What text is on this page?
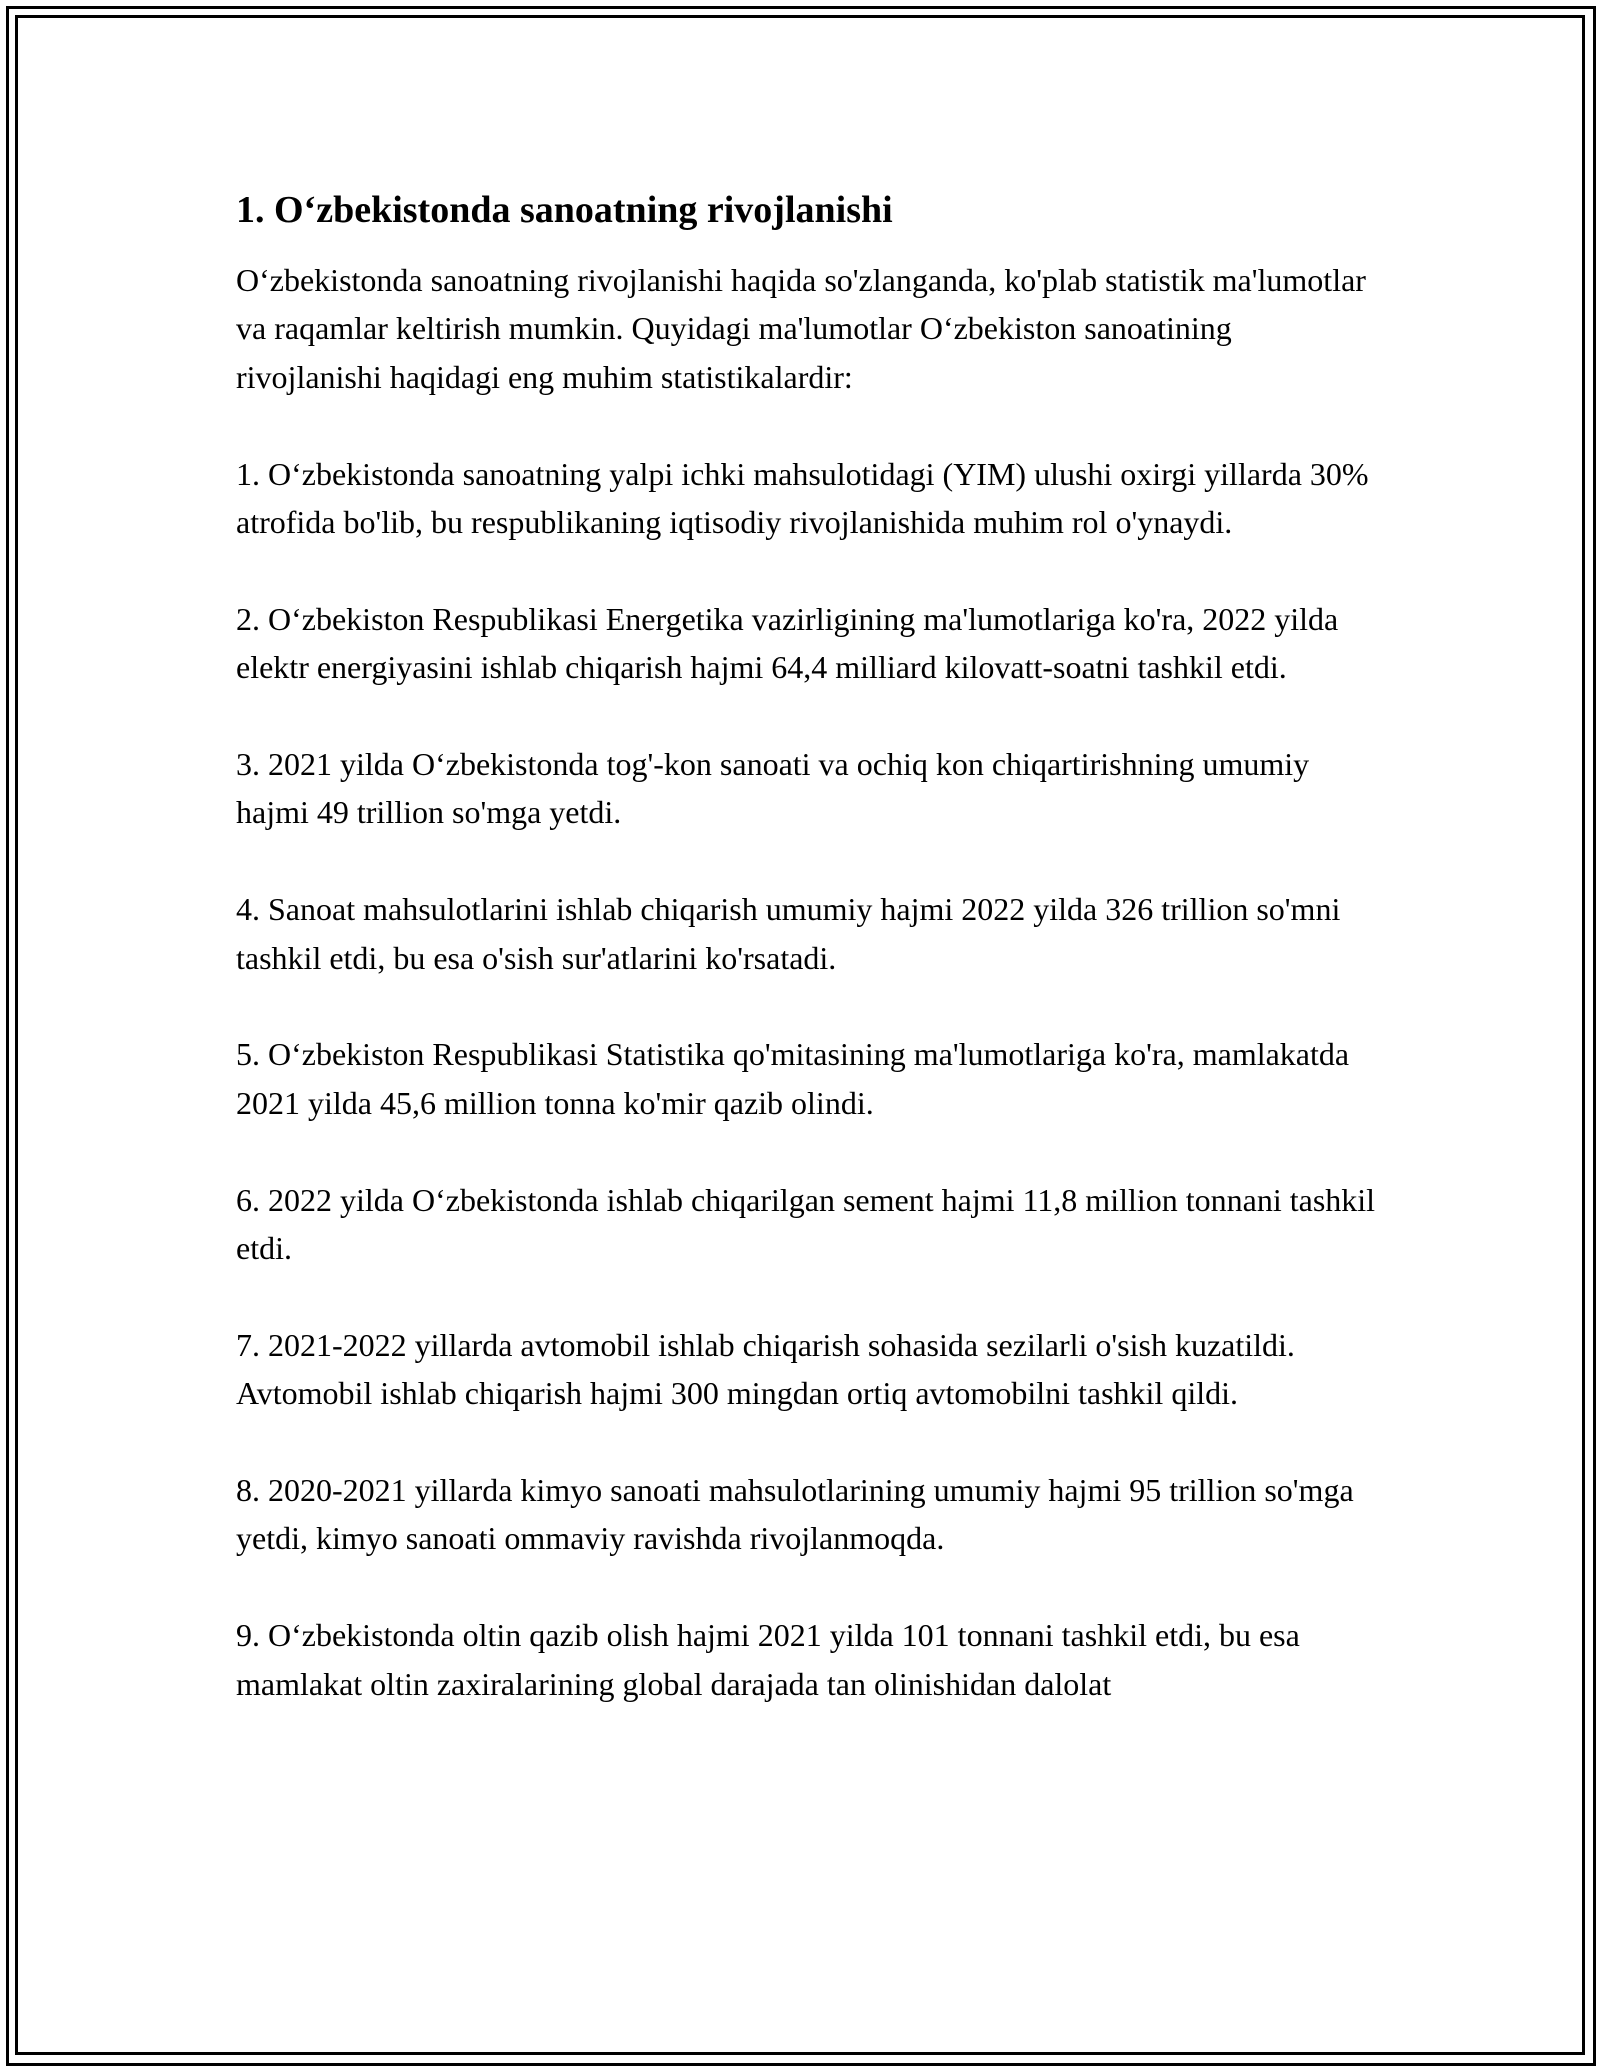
1. O‘zbekistonda sanoatning rivojlanishi

O‘zbekistonda sanoatning rivojlanishi haqida so'zlanganda, ko'plab statistik ma'lumotlar va raqamlar keltirish mumkin. Quyidagi ma'lumotlar O‘zbekiston sanoatining rivojlanishi haqidagi eng muhim statistikalardir:

1. O‘zbekistonda sanoatning yalpi ichki mahsulotidagi (YIM) ulushi oxirgi yillarda 30% atrofida bo'lib, bu respublikaning iqtisodiy rivojlanishida muhim rol o'ynaydi.

2. O‘zbekiston Respublikasi Energetika vazirligining ma'lumotlariga ko'ra, 2022 yilda elektr energiyasini ishlab chiqarish hajmi 64,4 milliard kilovatt-soatni tashkil etdi.

3. 2021 yilda O‘zbekistonda tog'-kon sanoati va ochiq kon chiqartirishning umumiy hajmi 49 trillion so'mga yetdi.

4. Sanoat mahsulotlarini ishlab chiqarish umumiy hajmi 2022 yilda 326 trillion so'mni tashkil etdi, bu esa o'sish sur'atlarini ko'rsatadi.

5. O‘zbekiston Respublikasi Statistika qo'mitasining ma'lumotlariga ko'ra, mamlakatda 2021 yilda 45,6 million tonna ko'mir qazib olindi.

6. 2022 yilda O‘zbekistonda ishlab chiqarilgan sement hajmi 11,8 million tonnani tashkil etdi.

7. 2021-2022 yillarda avtomobil ishlab chiqarish sohasida sezilarli o'sish kuzatildi. Avtomobil ishlab chiqarish hajmi 300 mingdan ortiq avtomobilni tashkil qildi.

8. 2020-2021 yillarda kimyo sanoati mahsulotlarining umumiy hajmi 95 trillion so'mga yetdi, kimyo sanoati ommaviy ravishda rivojlanmoqda.

9. O‘zbekistonda oltin qazib olish hajmi 2021 yilda 101 tonnani tashkil etdi, bu esa mamlakat oltin zaxiralarining global darajada tan olinishidan dalolat
